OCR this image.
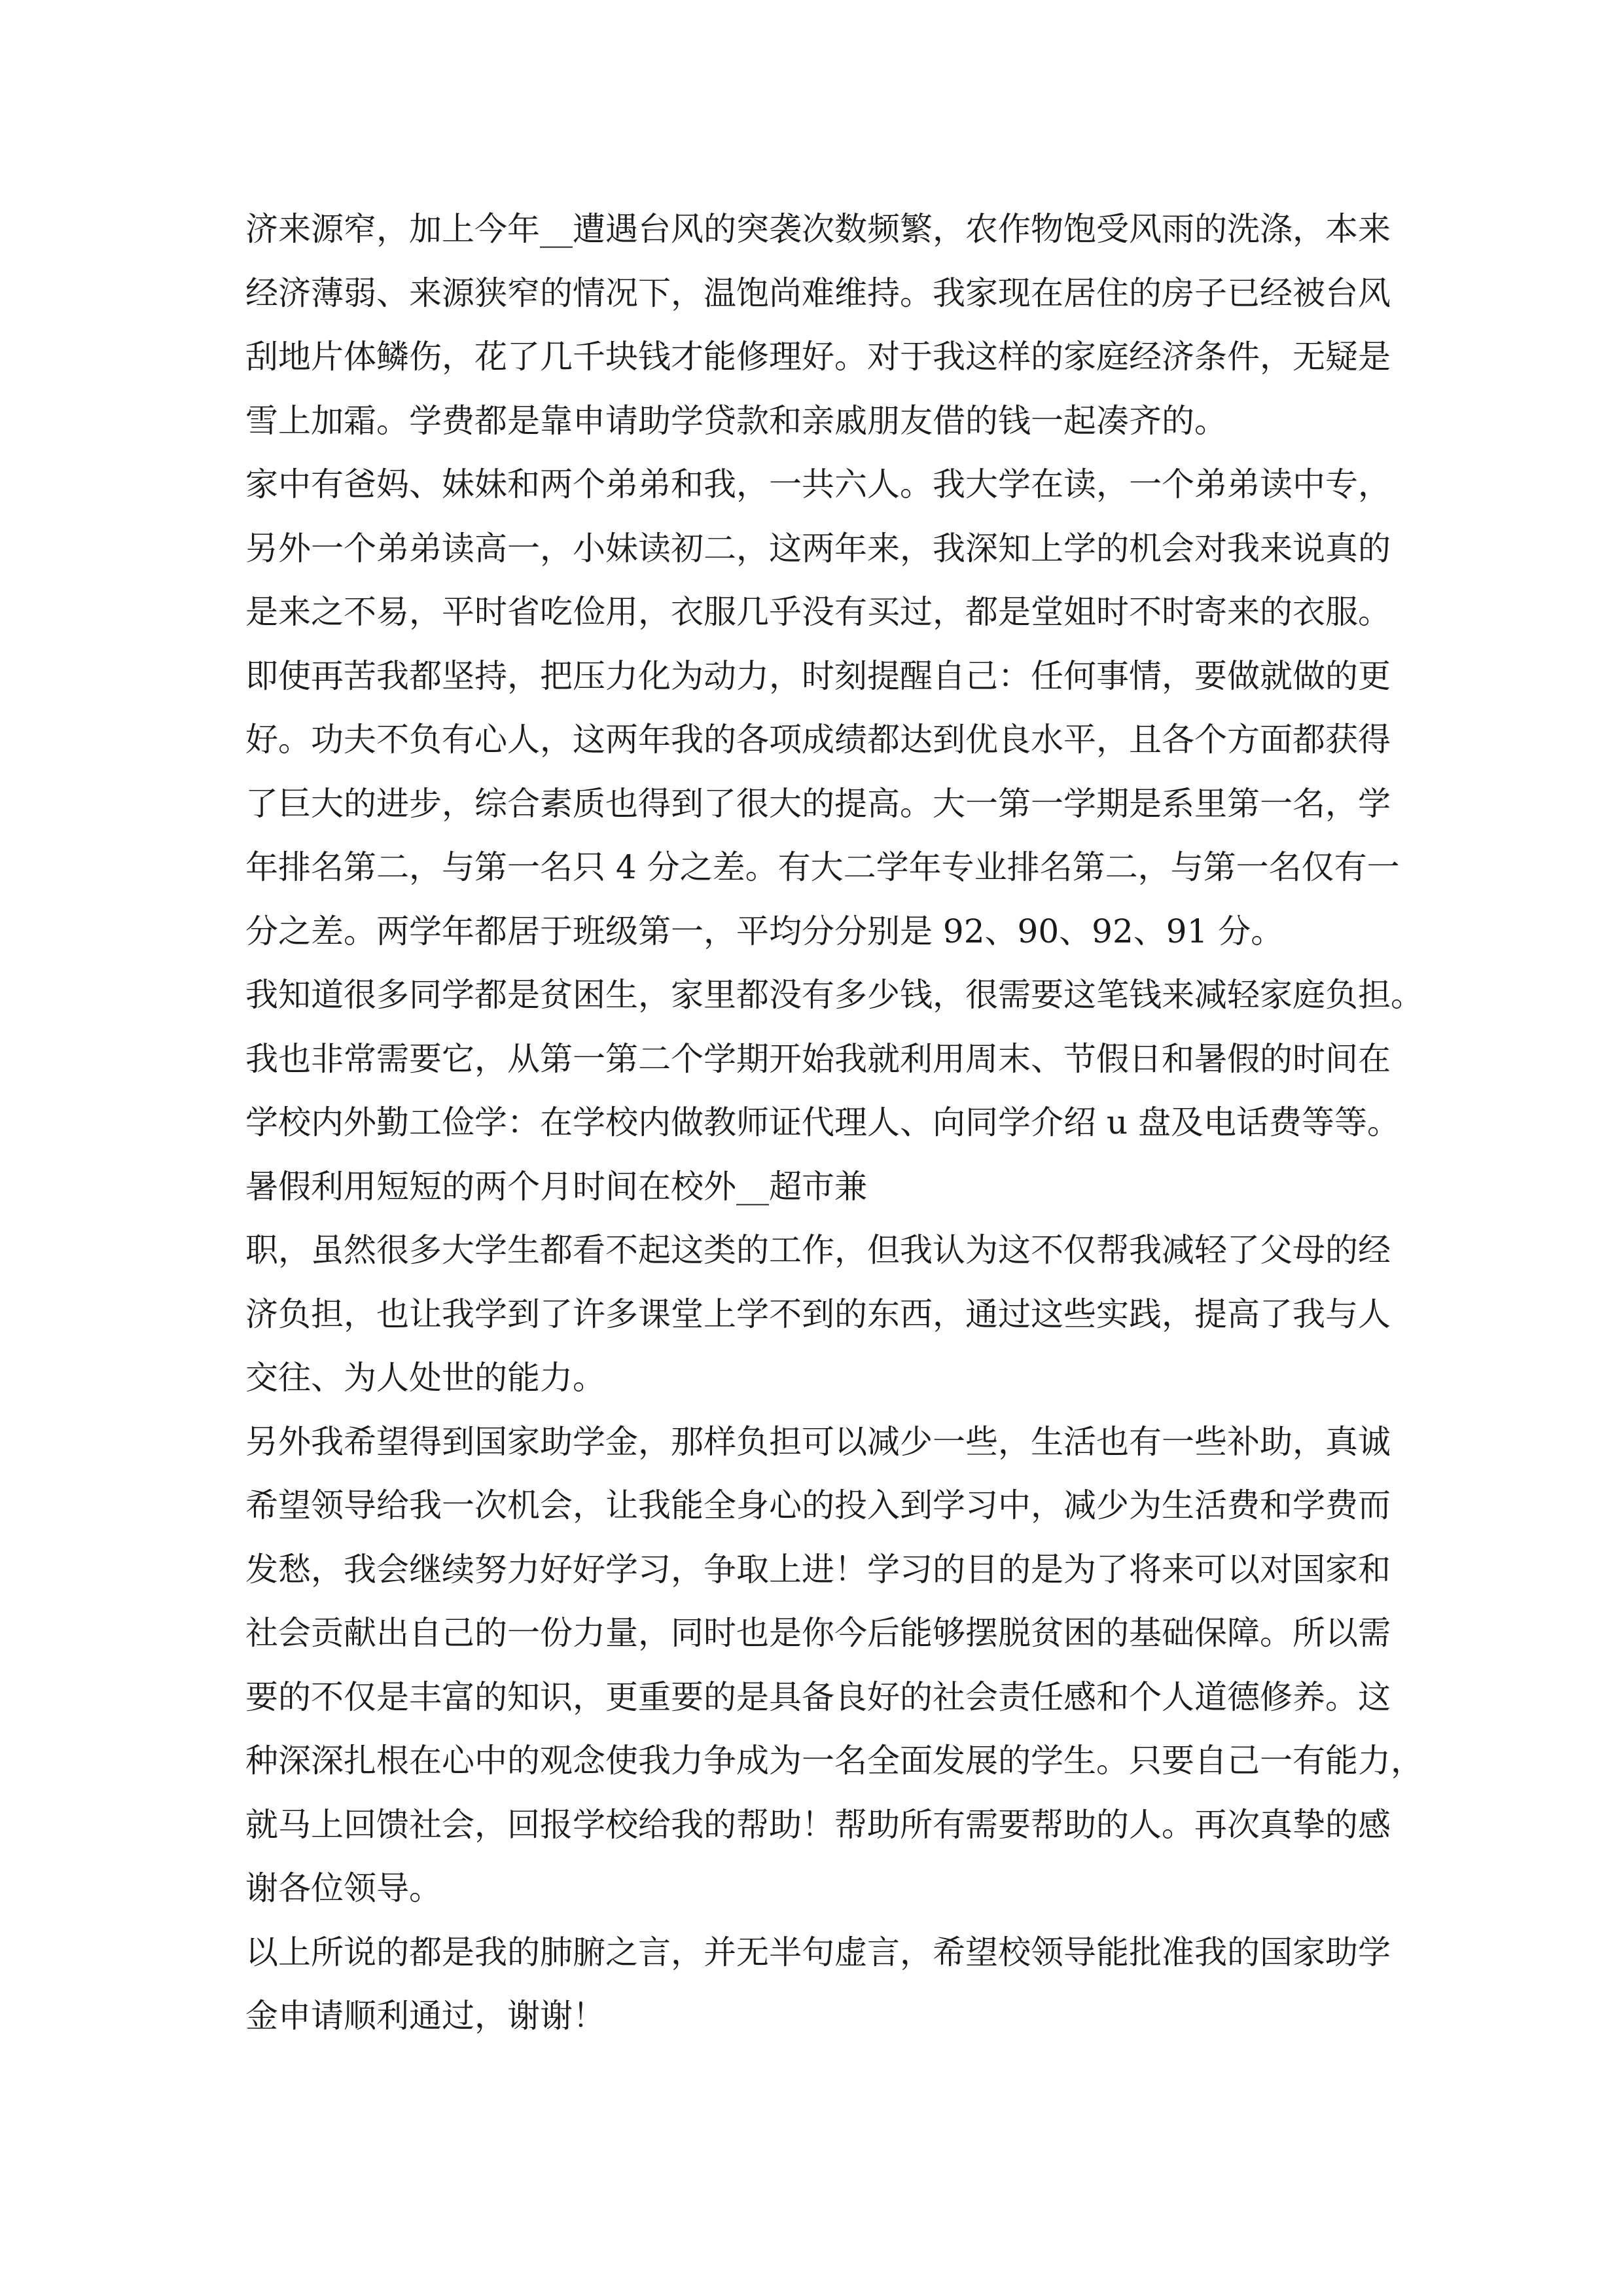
济来源窄，加上今年__遭遇台风的突袭次数频繁，农作物饱受风雨的洗涤，本来
经济薄弱、来源狭窄的情况下，温饱尚难维持。我家现在居住的房子已经被台风
刮地片体鳞伤，花了几千块钱才能修理好。对于我这样的家庭经济条件，无疑是
雪上加霜。学费都是靠申请助学贷款和亲戚朋友借的钱一起凑齐的。
家中有爸妈、妹妹和两个弟弟和我，一共六人。我大学在读，一个弟弟读中专，
另外一个弟弟读高一，小妹读初二，这两年来，我深知上学的机会对我来说真的
是来之不易，平时省吃俭用，衣服几乎没有买过，都是堂姐时不时寄来的衣服。
即使再苦我都坚持，把压力化为动力，时刻提醒自己：任何事情，要做就做的更
好。功夫不负有心人，这两年我的各项成绩都达到优良水平，且各个方面都获得
了巨大的进步，综合素质也得到了很大的提高。大一第一学期是系里第一名，学
年排名第二，与第一名只 4 分之差。有大二学年专业排名第二，与第一名仅有一
分之差。两学年都居于班级第一，平均分分别是 92、90、92、91 分。
我知道很多同学都是贫困生，家里都没有多少钱，很需要这笔钱来减轻家庭负担。
我也非常需要它，从第一第二个学期开始我就利用周末、节假日和暑假的时间在
学校内外勤工俭学：在学校内做教师证代理人、向同学介绍 u 盘及电话费等等。
暑假利用短短的两个月时间在校外__超市兼
职，虽然很多大学生都看不起这类的工作，但我认为这不仅帮我减轻了父母的经
济负担，也让我学到了许多课堂上学不到的东西，通过这些实践，提高了我与人
交往、为人处世的能力。
另外我希望得到国家助学金，那样负担可以减少一些，生活也有一些补助，真诚
希望领导给我一次机会，让我能全身心的投入到学习中，减少为生活费和学费而
发愁，我会继续努力好好学习，争取上进！学习的目的是为了将来可以对国家和
社会贡献出自己的一份力量，同时也是你今后能够摆脱贫困的基础保障。所以需
要的不仅是丰富的知识，更重要的是具备良好的社会责任感和个人道德修养。这
种深深扎根在心中的观念使我力争成为一名全面发展的学生。只要自己一有能力，
就马上回馈社会，回报学校给我的帮助！帮助所有需要帮助的人。再次真挚的感
谢各位领导。
以上所说的都是我的肺腑之言，并无半句虚言，希望校领导能批准我的国家助学
金申请顺利通过，谢谢！
